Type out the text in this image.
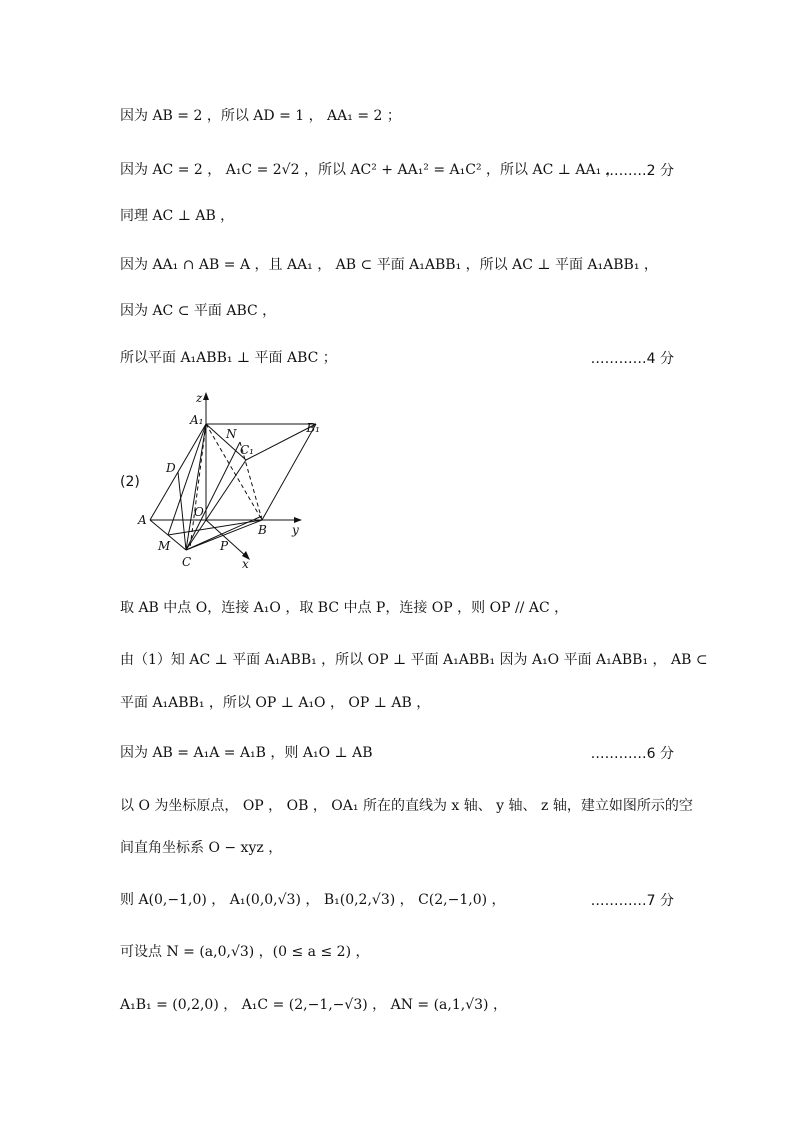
因为 AB = 2 ，所以 AD = 1 ， AA₁ = 2 ；
因为 AC = 2 ， A₁C = 2√2 ，所以 AC² + AA₁² = A₁C² ，所以 AC ⊥ AA₁ ，
………2 分
同理 AC ⊥ AB ，
因为 AA₁ ∩ AB = A ，且 AA₁ ， AB ⊂ 平面 A₁ABB₁ ，所以 AC ⊥ 平面 A₁ABB₁ ，
因为 AC ⊂ 平面 ABC ，
所以平面 A₁ABB₁ ⊥ 平面 ABC ；	…………4 分
(2)
z
A₁
B₁
N
C₁
D
A
O
B y
M	P
C	x
取 AB 中点 O，连接 A₁O ，取 BC 中点 P，连接 OP ，则 OP // AC ，
由（1）知 AC ⊥ 平面 A₁ABB₁ ，所以 OP ⊥ 平面 A₁ABB₁ 因为 A₁O 平面 A₁ABB₁ ， AB ⊂
平面 A₁ABB₁ ，所以 OP ⊥ A₁O ， OP ⊥ AB ，
因为 AB = A₁A = A₁B ，则 A₁O ⊥ AB	…………6 分
以 O 为坐标原点， OP ， OB ， OA₁ 所在的直线为 x 轴、 y 轴、 z 轴，建立如图所示的空
间直角坐标系 O − xyz ，
则 A(0,−1,0) ， A₁(0,0,√3) ， B₁(0,2,√3) ， C(2,−1,0) ，	…………7 分
可设点 N = (a,0,√3) ，(0 ≤ a ≤ 2) ，
A₁B₁ = (0,2,0) ， A₁C = (2,−1,−√3) ， AN = (a,1,√3) ，
